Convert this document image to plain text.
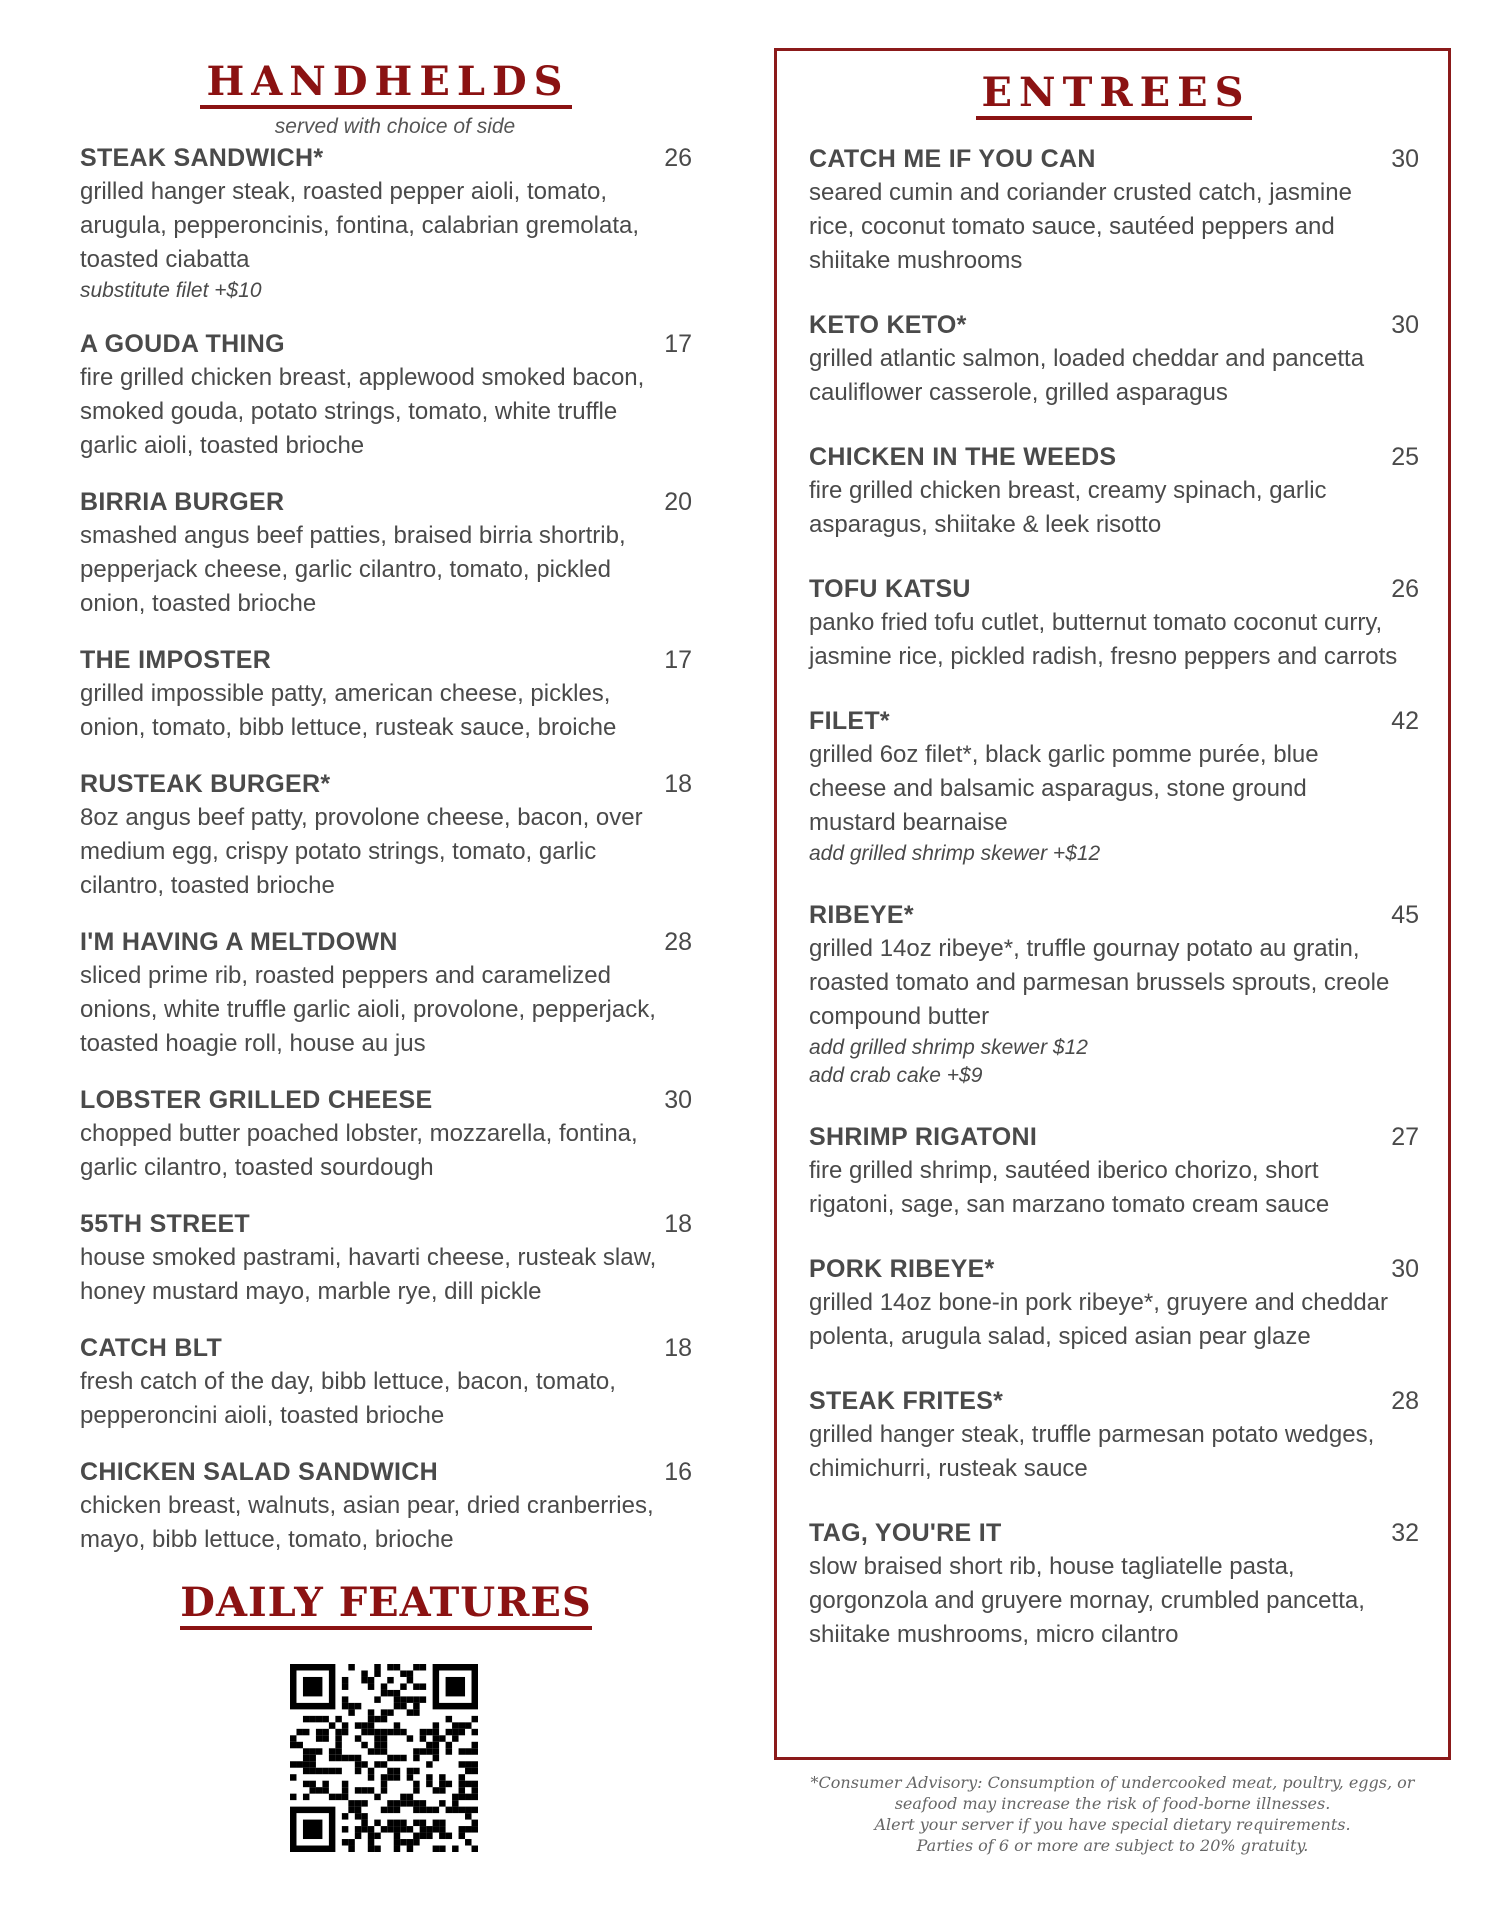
HANDHELDS
served with choice of side
STEAK SANDWICH*	26
grilled hanger steak, roasted pepper aioli, tomato, arugula, pepperoncinis, fontina, calabrian gremolata, toasted ciabatta
substitute filet +$10
A GOUDA THING	17
fire grilled chicken breast, applewood smoked bacon, smoked gouda, potato strings, tomato, white truffle garlic aioli, toasted brioche
BIRRIA BURGER	20
smashed angus beef patties, braised birria shortrib, pepperjack cheese, garlic cilantro, tomato, pickled onion, toasted brioche
THE IMPOSTER	17
grilled impossible patty, american cheese, pickles, onion, tomato, bibb lettuce, rusteak sauce, broiche
RUSTEAK BURGER*	18
8oz angus beef patty, provolone cheese, bacon, over medium egg, crispy potato strings, tomato, garlic cilantro, toasted brioche
I'M HAVING A MELTDOWN	28
sliced prime rib, roasted peppers and caramelized onions, white truffle garlic aioli, provolone, pepperjack, toasted hoagie roll, house au jus
LOBSTER GRILLED CHEESE	30
chopped butter poached lobster, mozzarella, fontina, garlic cilantro, toasted sourdough
55TH STREET	18
house smoked pastrami, havarti cheese, rusteak slaw, honey mustard mayo, marble rye, dill pickle
CATCH BLT	18
fresh catch of the day, bibb lettuce, bacon, tomato, pepperoncini aioli, toasted brioche
CHICKEN SALAD SANDWICH	16
chicken breast, walnuts, asian pear, dried cranberries, mayo, bibb lettuce, tomato, brioche
DAILY FEATURES
ENTREES
CATCH ME IF YOU CAN	30
seared cumin and coriander crusted catch, jasmine rice, coconut tomato sauce, sautéed peppers and shiitake mushrooms
KETO KETO*	30
grilled atlantic salmon, loaded cheddar and pancetta cauliflower casserole, grilled asparagus
CHICKEN IN THE WEEDS	25
fire grilled chicken breast, creamy spinach, garlic asparagus, shiitake & leek risotto
TOFU KATSU	26
panko fried tofu cutlet, butternut tomato coconut curry, jasmine rice, pickled radish, fresno peppers and carrots
FILET*	42
grilled 6oz filet*, black garlic pomme purée, blue cheese and balsamic asparagus, stone ground mustard bearnaise
add grilled shrimp skewer +$12
RIBEYE*	45
grilled 14oz ribeye*, truffle gournay potato au gratin, roasted tomato and parmesan brussels sprouts, creole compound butter
add grilled shrimp skewer $12
add crab cake +$9
SHRIMP RIGATONI	27
fire grilled shrimp, sautéed iberico chorizo, short rigatoni, sage, san marzano tomato cream sauce
PORK RIBEYE*	30
grilled 14oz bone-in pork ribeye*, gruyere and cheddar polenta, arugula salad, spiced asian pear glaze
STEAK FRITES*	28
grilled hanger steak, truffle parmesan potato wedges, chimichurri, rusteak sauce
TAG, YOU'RE IT	32
slow braised short rib, house tagliatelle pasta, gorgonzola and gruyere mornay, crumbled pancetta, shiitake mushrooms, micro cilantro
*Consumer Advisory: Consumption of undercooked meat, poultry, eggs, or
seafood may increase the risk of food-borne illnesses.
Alert your server if you have special dietary requirements.
Parties of 6 or more are subject to 20% gratuity.
